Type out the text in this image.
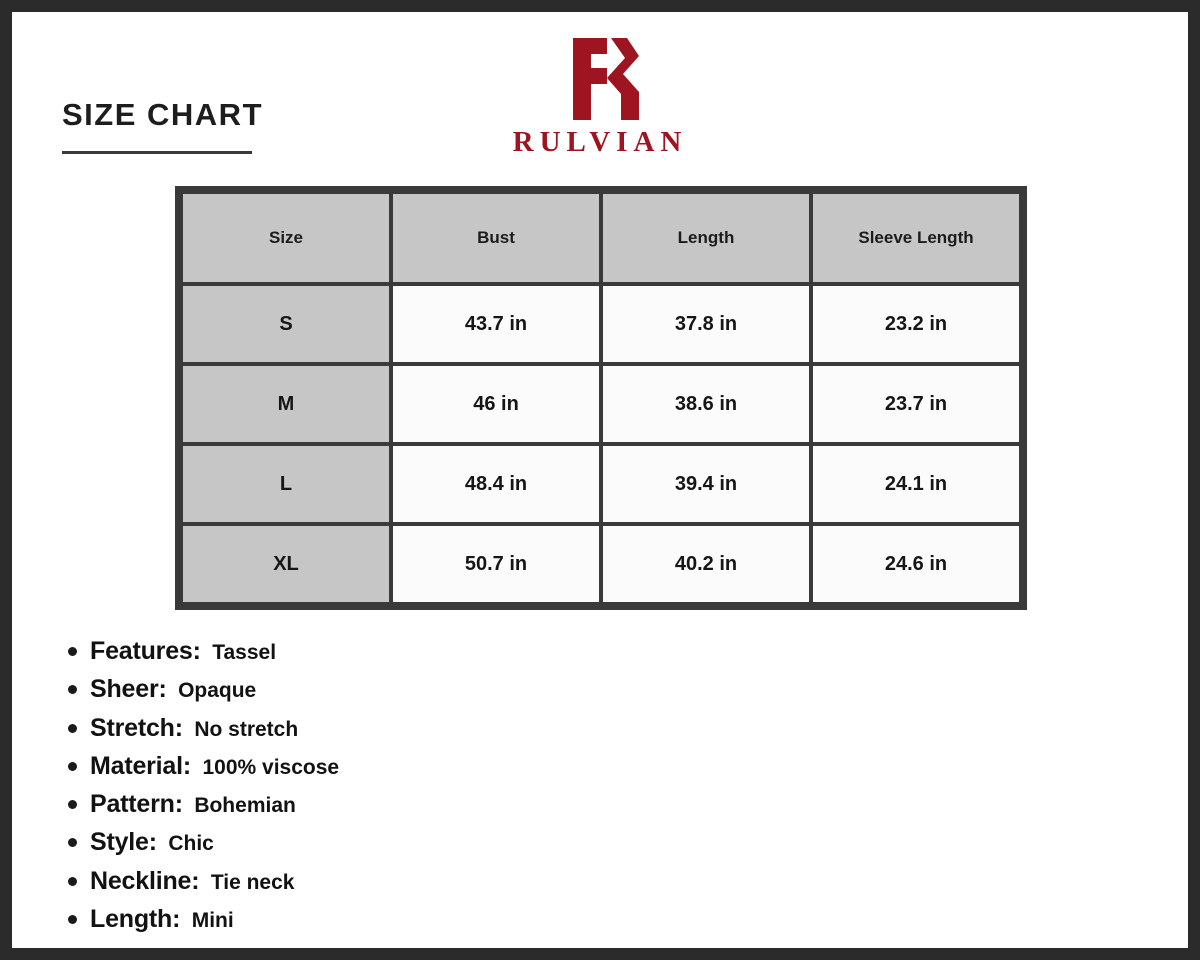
SIZE CHART
RULVIAN
Size	Bust	Length	Sleeve Length
S	43.7 in	37.8 in	23.2 in
M	46 in	38.6 in	23.7 in
L	48.4 in	39.4 in	24.1 in
XL	50.7 in	40.2 in	24.6 in
Features: Tassel
Sheer: Opaque
Stretch: No stretch
Material: 100% viscose
Pattern: Bohemian
Style: Chic
Neckline: Tie neck
Length: Mini
